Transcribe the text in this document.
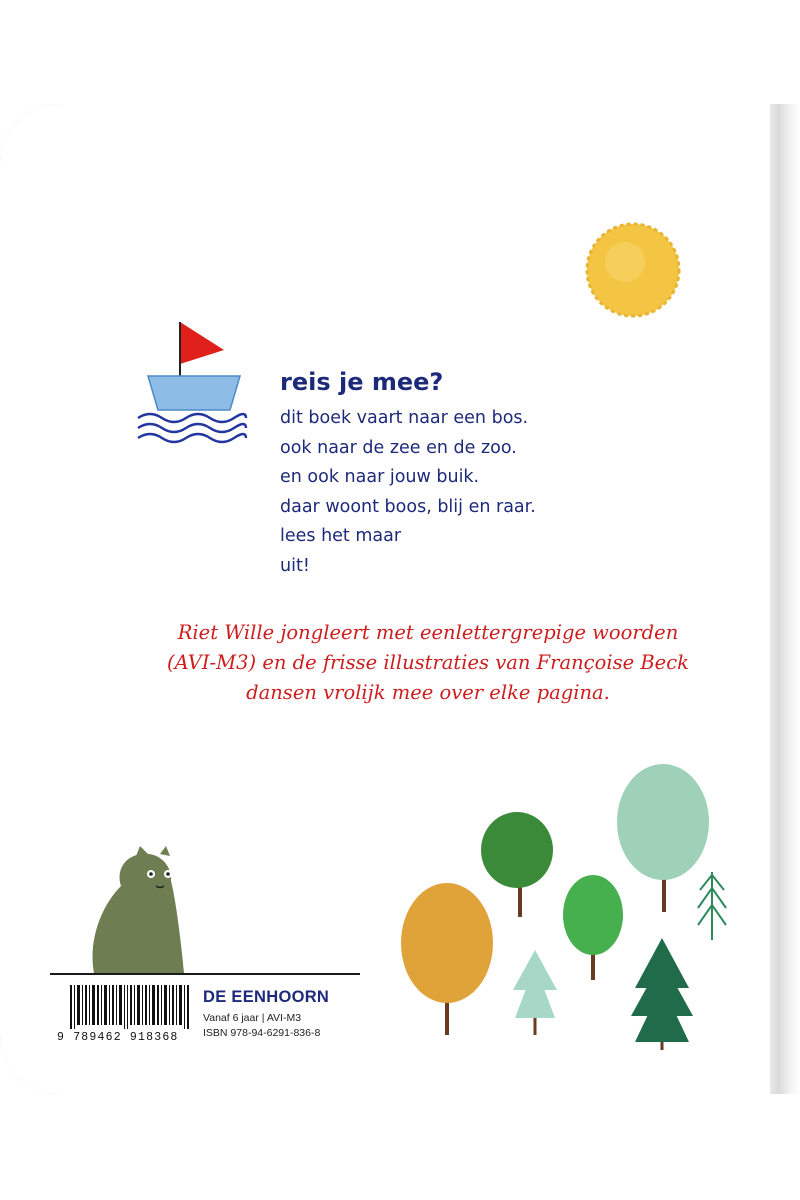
reis je mee?

dit boek vaart naar een bos.

ook naar de zee en de zoo.

en ook naar jouw buik.

daar woont boos, blij en raar.

lees het maar

uit!

Riet Wille jongleert met eenlettergrepige woorden
(AVI-M3) en de frisse illustraties van Françoise Beck
dansen vrolijk mee over elke pagina.
9 789462 918368
DE EENHOORN
Vanaf 6 jaar | AVI-M3
ISBN 978-94-6291-836-8
